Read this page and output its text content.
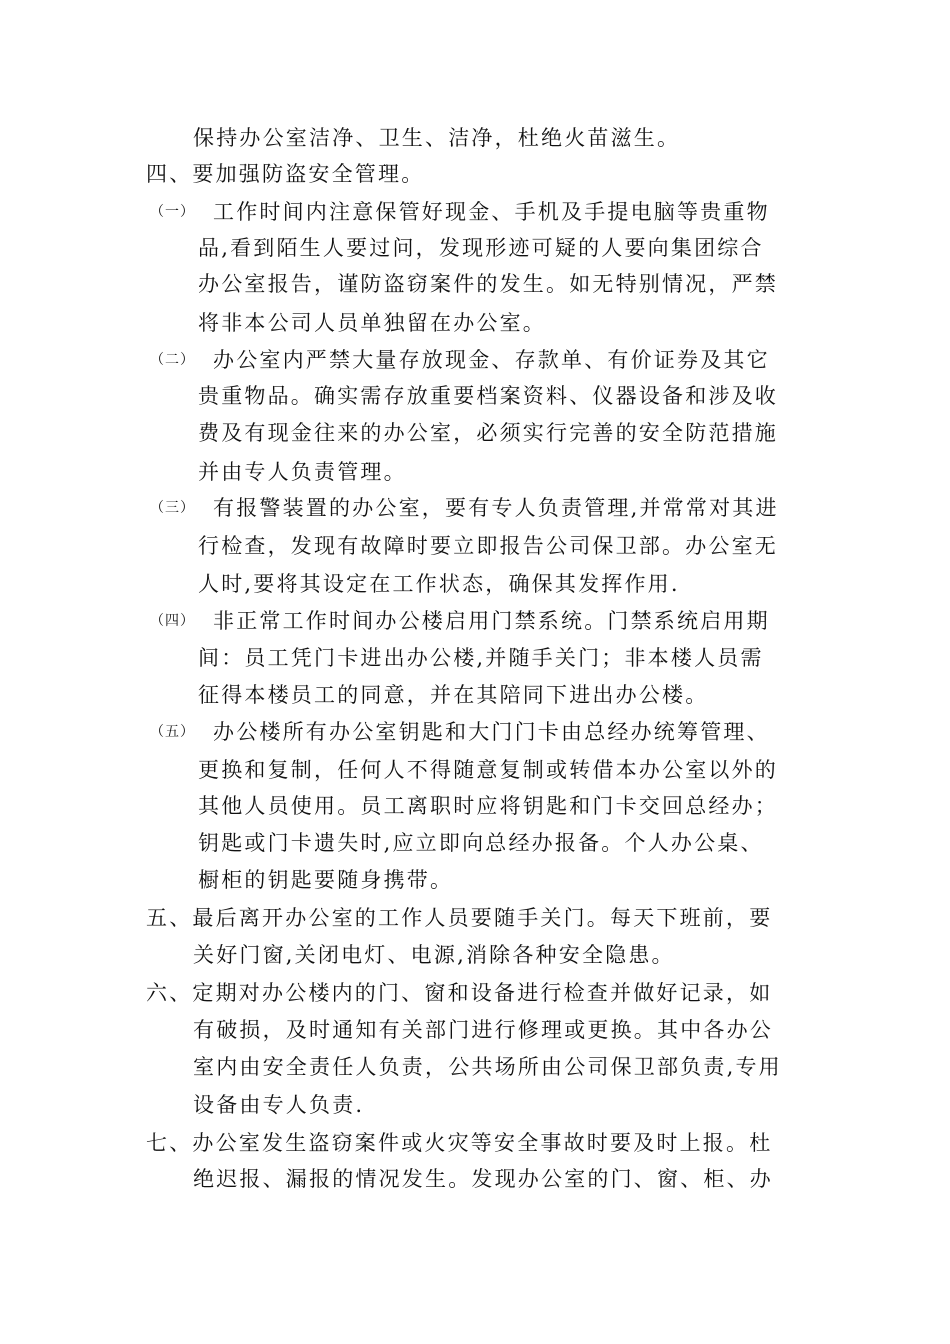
保持办公室洁净、卫生、洁净，杜绝火苗滋生。
四、要加强防盗安全管理。
（一） 工作时间内注意保管好现金、手机及手提电脑等贵重物
品,看到陌生人要过问，发现形迹可疑的人要向集团综合
办公室报告，谨防盗窃案件的发生。如无特别情况，严禁
将非本公司人员单独留在办公室。
（二） 办公室内严禁大量存放现金、存款单、有价证券及其它
贵重物品。确实需存放重要档案资料、仪器设备和涉及收
费及有现金往来的办公室，必须实行完善的安全防范措施
并由专人负责管理。
（三） 有报警装置的办公室，要有专人负责管理,并常常对其进
行检查，发现有故障时要立即报告公司保卫部。办公室无
人时,要将其设定在工作状态，确保其发挥作用.
（四） 非正常工作时间办公楼启用门禁系统。门禁系统启用期
间：员工凭门卡进出办公楼,并随手关门；非本楼人员需
征得本楼员工的同意，并在其陪同下进出办公楼。
（五） 办公楼所有办公室钥匙和大门门卡由总经办统筹管理、
更换和复制，任何人不得随意复制或转借本办公室以外的
其他人员使用。员工离职时应将钥匙和门卡交回总经办；
钥匙或门卡遗失时,应立即向总经办报备。个人办公桌、
橱柜的钥匙要随身携带。
五、最后离开办公室的工作人员要随手关门。每天下班前，要
关好门窗,关闭电灯、电源,消除各种安全隐患。
六、定期对办公楼内的门、窗和设备进行检查并做好记录，如
有破损，及时通知有关部门进行修理或更换。其中各办公
室内由安全责任人负责，公共场所由公司保卫部负责,专用
设备由专人负责.
七、办公室发生盗窃案件或火灾等安全事故时要及时上报。杜
绝迟报、漏报的情况发生。发现办公室的门、窗、柜、办
